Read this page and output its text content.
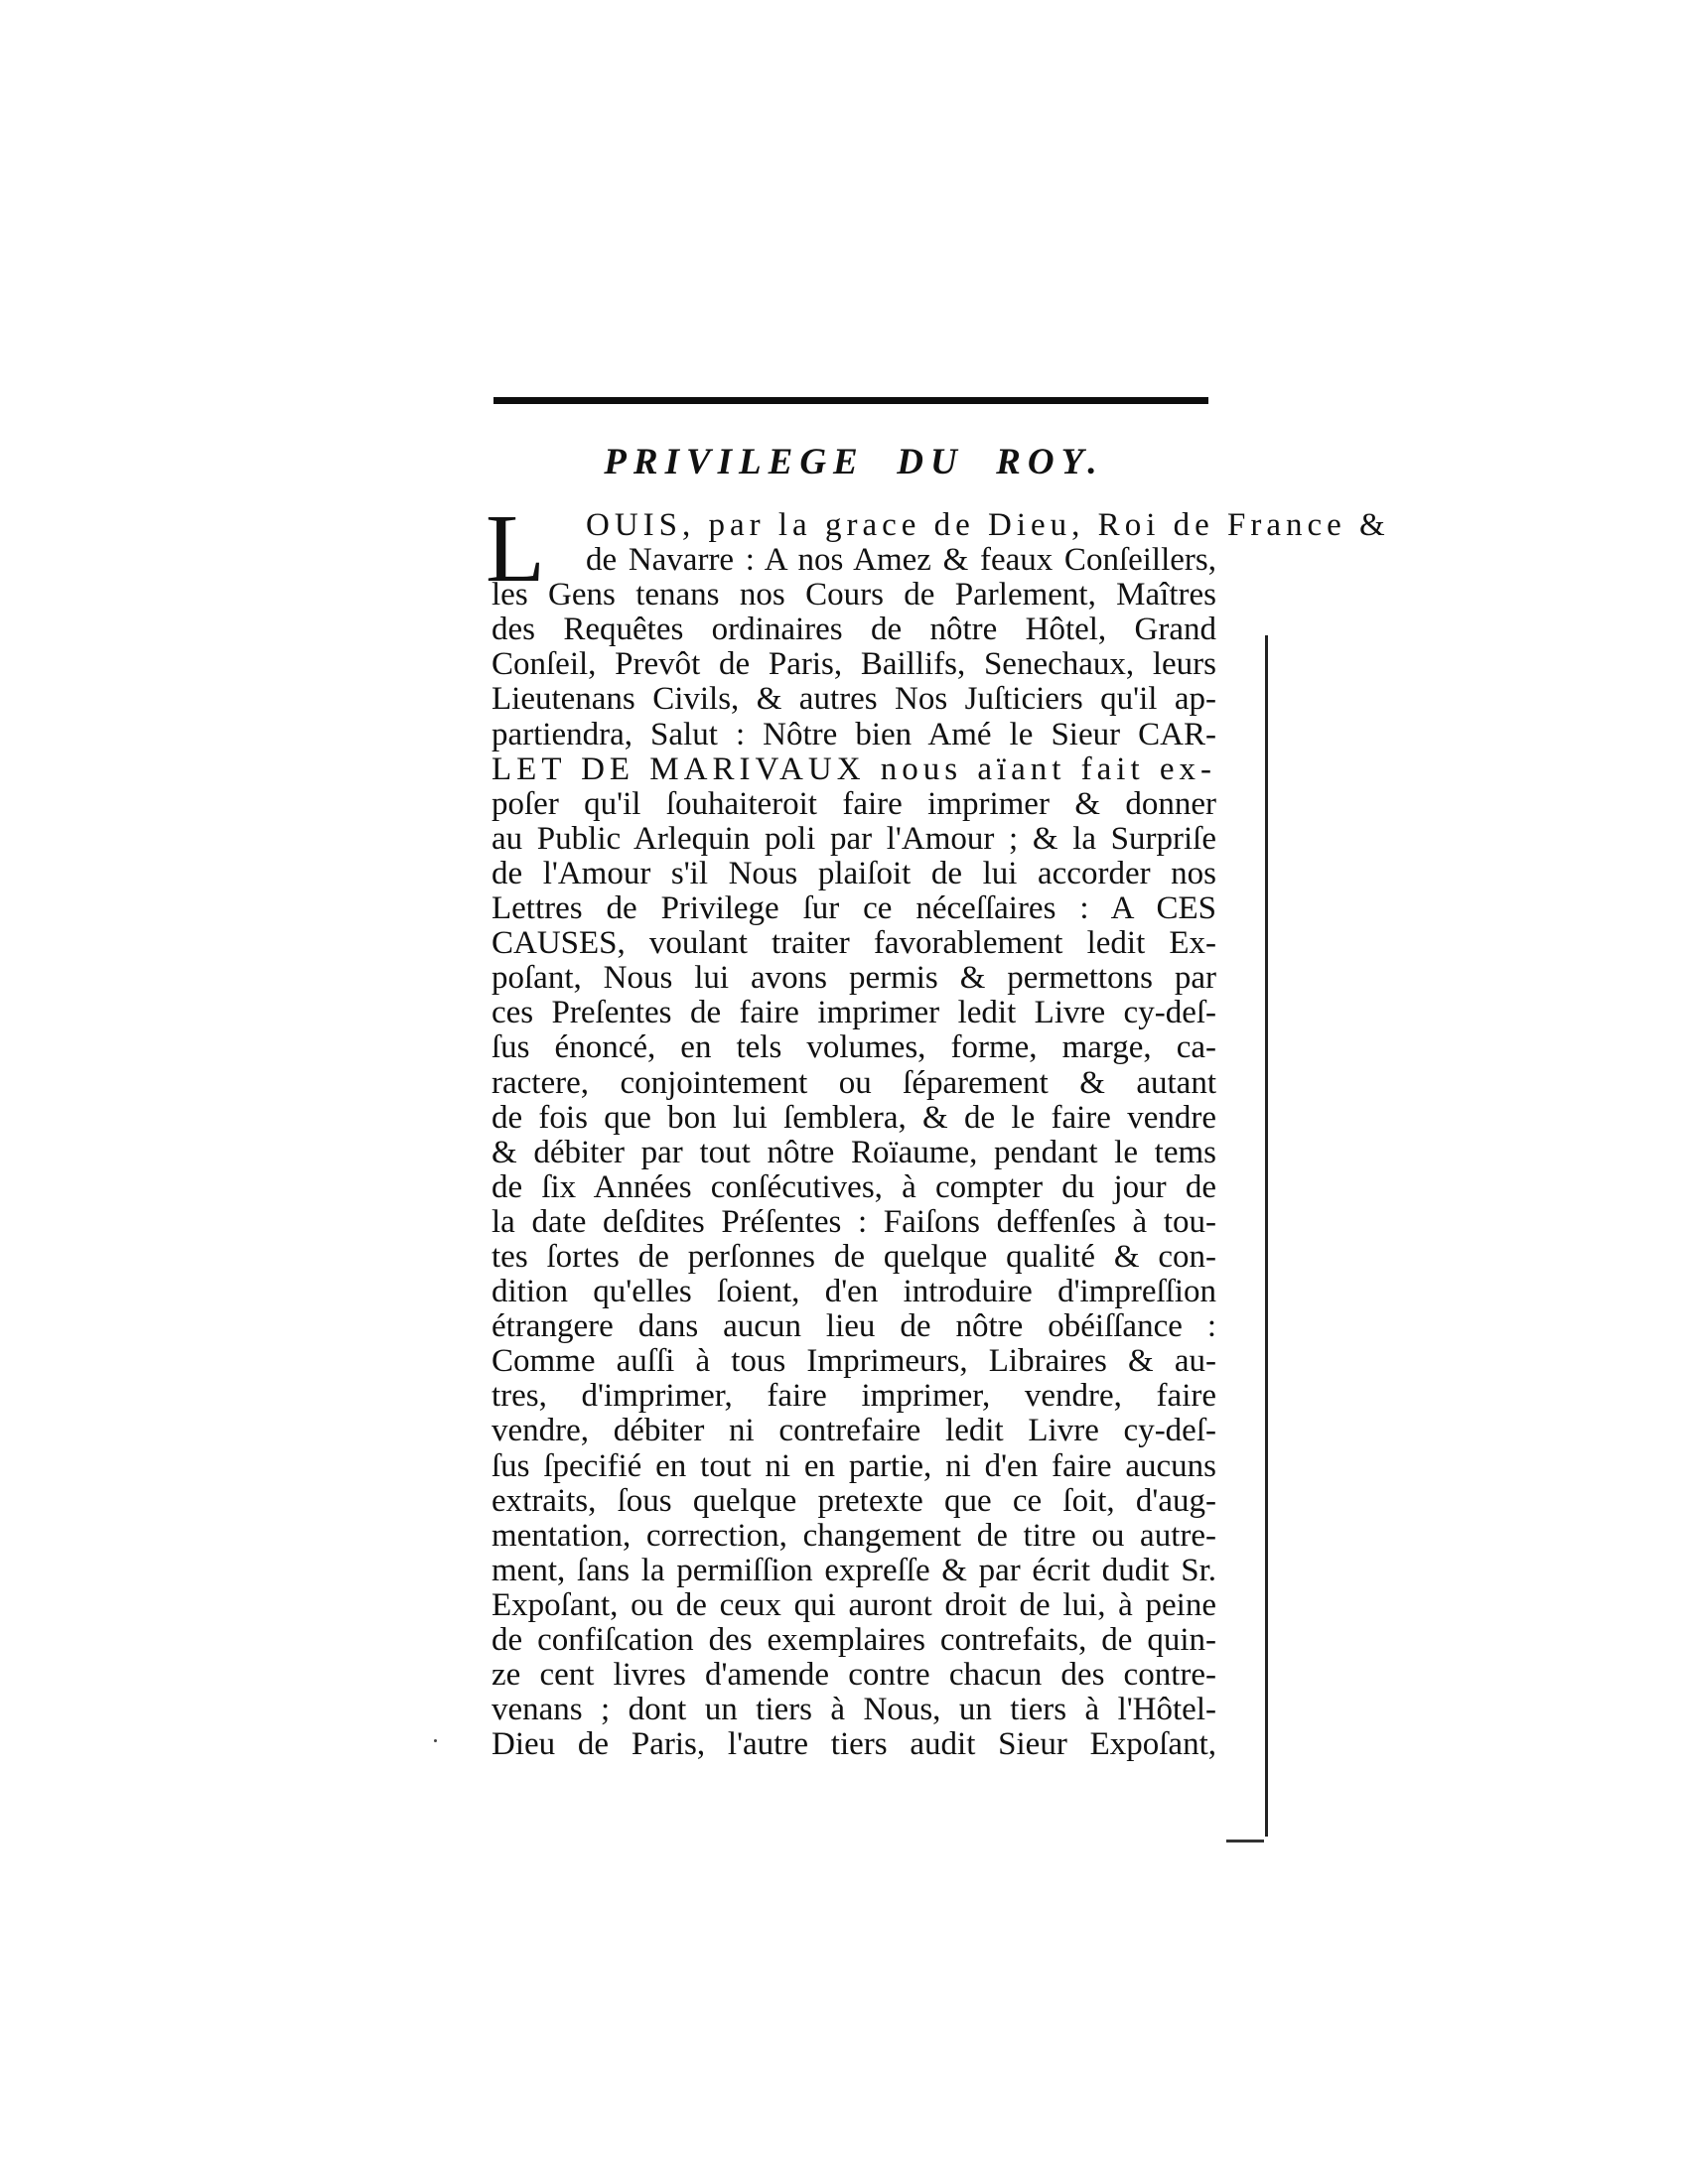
PRIVILEGE  DU  ROY.
L	OUIS, par la grace de Dieu, Roi de France &
de Navarre : A nos Amez & feaux Conſeillers,
les Gens tenans nos Cours de Parlement, Maîtres
des Requêtes ordinaires de nôtre Hôtel, Grand
Conſeil, Prevôt de Paris, Baillifs, Senechaux, leurs
Lieutenans Civils, & autres Nos Juſticiers qu'il ap-
partiendra, Salut : Nôtre bien Amé le Sieur CAR-
LET DE MARIVAUX nous aïant fait ex-
poſer qu'il ſouhaiteroit faire imprimer & donner
au Public Arlequin poli par l'Amour ; & la Surpriſe
de l'Amour s'il Nous plaiſoit de lui accorder nos
Lettres de Privilege ſur ce néceſſaires : A CES
CAUSES, voulant traiter favorablement ledit Ex-
poſant, Nous lui avons permis & permettons par
ces Preſentes de faire imprimer ledit Livre cy-deſ-
ſus énoncé, en tels volumes, forme, marge, ca-
ractere, conjointement ou ſéparement & autant
de fois que bon lui ſemblera, & de le faire vendre
& débiter par tout nôtre Roïaume, pendant le tems
de ſix Années conſécutives, à compter du jour de
la date deſdites Préſentes : Faiſons deffenſes à tou-
tes ſortes de perſonnes de quelque qualité & con-
dition qu'elles ſoient, d'en introduire d'impreſſion
étrangere dans aucun lieu de nôtre obéiſſance :
Comme auſſi à tous Imprimeurs, Libraires & au-
tres, d'imprimer, faire imprimer, vendre, faire
vendre, débiter ni contrefaire ledit Livre cy-deſ-
ſus ſpecifié en tout ni en partie, ni d'en faire aucuns
extraits, ſous quelque pretexte que ce ſoit, d'aug-
mentation, correction, changement de titre ou autre-
ment, ſans la permiſſion expreſſe & par écrit dudit Sr.
Expoſant, ou de ceux qui auront droit de lui, à peine
de confiſcation des exemplaires contrefaits, de quin-
ze cent livres d'amende contre chacun des contre-
venans ; dont un tiers à Nous, un tiers à l'Hôtel-
Dieu de Paris, l'autre tiers audit Sieur Expoſant,
